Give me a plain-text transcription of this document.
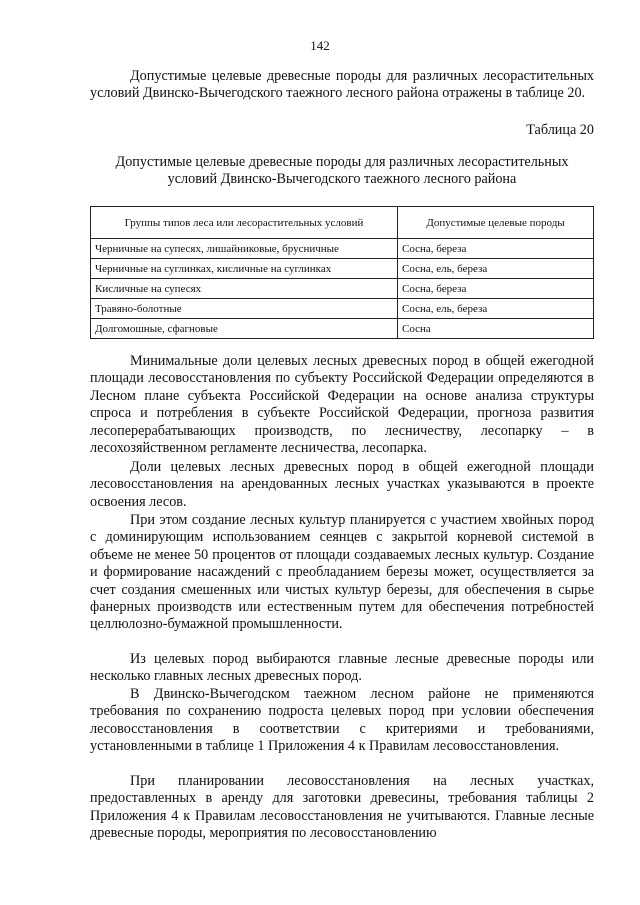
142

Допустимые целевые древесные породы для различных лесорастительных условий Двинско-Вычегодского таежного лесного района отражены в таблице 20.

Таблица 20
Допустимые целевые древесные породы для различных лесорастительных условий Двинско-Вычегодского таежного лесного района
Группы типов леса или лесорастительных условий	Допустимые целевые породы
Черничные на супесях, лишайниковые, брусничные	Сосна, береза
Черничные на суглинках, кисличные на суглинках	Сосна, ель, береза
Кисличные на супесях	Сосна, береза
Травяно-болотные	Сосна, ель, береза
Долгомошные, сфагновые	Сосна

Минимальные доли целевых лесных древесных пород в общей ежегодной площади лесовосстановления по субъекту Российской Федерации определяются в Лесном плане субъекта Российской Федерации на основе анализа структуры спроса и потребления в субъекте Российской Федерации, прогноза развития лесоперерабатывающих производств, по лесничеству, лесопарку – в лесохозяйственном регламенте лесничества, лесопарка.

Доли целевых лесных древесных пород в общей ежегодной площади лесовосстановления на арендованных лесных участках указываются в проекте освоения лесов.

При этом создание лесных культур планируется с участием хвойных пород с доминирующим использованием сеянцев с закрытой корневой системой в объеме не менее 50 процентов от площади создаваемых лесных культур. Создание и формирование насаждений с преобладанием березы может, осуществляется за счет создания смешенных или чистых культур березы, для обеспечения в сырье фанерных производств или естественным путем для обеспечения потребностей целлюлозно-бумажной промышленности.

Из целевых пород выбираются главные лесные древесные породы или несколько главных лесных древесных пород.

В Двинско-Вычегодском таежном лесном районе не применяются требования по сохранению подроста целевых пород при условии обеспечения лесовосстановления в соответствии с критериями и требованиями, установленными в таблице 1 Приложения 4 к Правилам лесовосстановления.

При планировании лесовосстановления на лесных участках, предоставленных в аренду для заготовки древесины, требования таблицы 2 Приложения 4 к Правилам лесовосстановления не учитываются. Главные лесные древесные породы, мероприятия по лесовосстановлению
